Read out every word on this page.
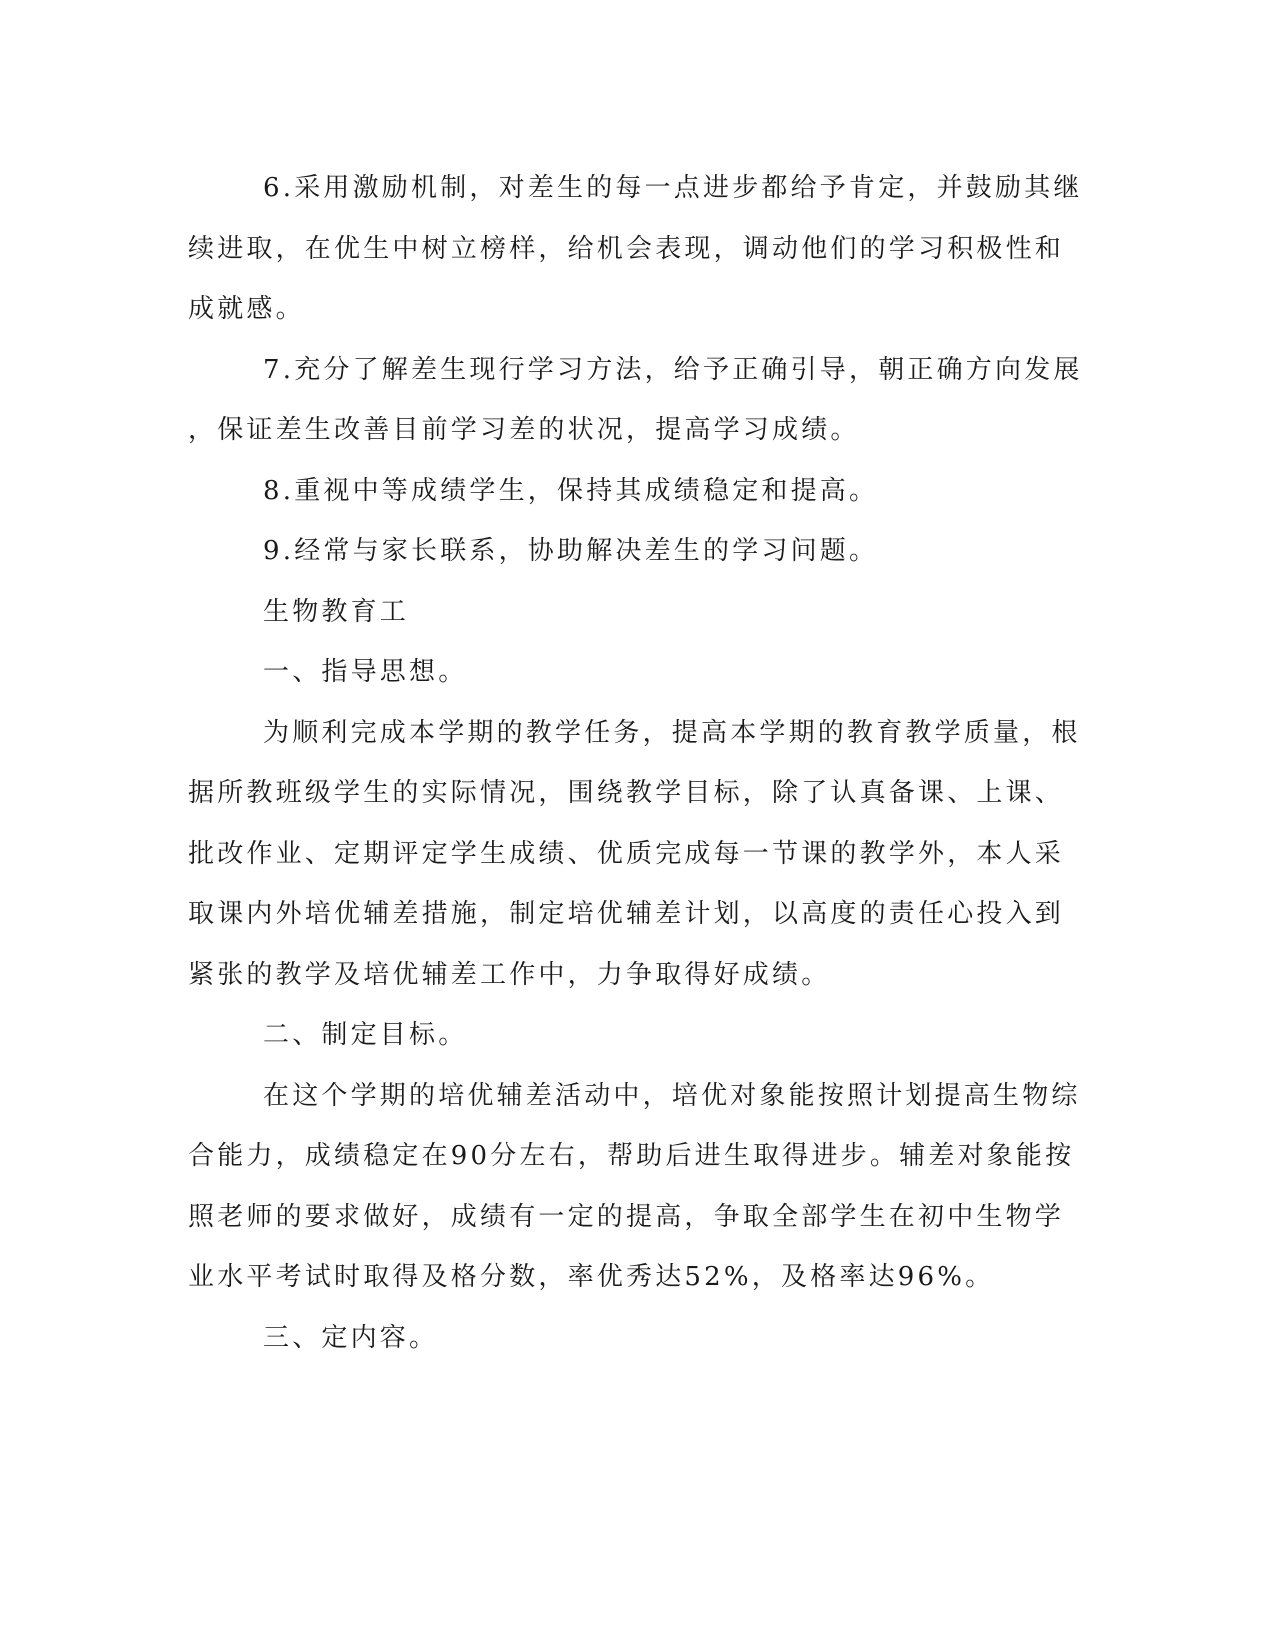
6.采用激励机制，对差生的每一点进步都给予肯定，并鼓励其继
续进取，在优生中树立榜样，给机会表现，调动他们的学习积极性和
成就感。
7.充分了解差生现行学习方法，给予正确引导，朝正确方向发展
，保证差生改善目前学习差的状况，提高学习成绩。
8.重视中等成绩学生，保持其成绩稳定和提高。
9.经常与家长联系，协助解决差生的学习问题。
生物教育工
一、指导思想。
为顺利完成本学期的教学任务，提高本学期的教育教学质量，根
据所教班级学生的实际情况，围绕教学目标，除了认真备课、上课、
批改作业、定期评定学生成绩、优质完成每一节课的教学外，本人采
取课内外培优辅差措施，制定培优辅差计划，以高度的责任心投入到
紧张的教学及培优辅差工作中，力争取得好成绩。
二、制定目标。
在这个学期的培优辅差活动中，培优对象能按照计划提高生物综
合能力，成绩稳定在90分左右，帮助后进生取得进步。辅差对象能按
照老师的要求做好，成绩有一定的提高，争取全部学生在初中生物学
业水平考试时取得及格分数，率优秀达52%，及格率达96%。
三、定内容。
